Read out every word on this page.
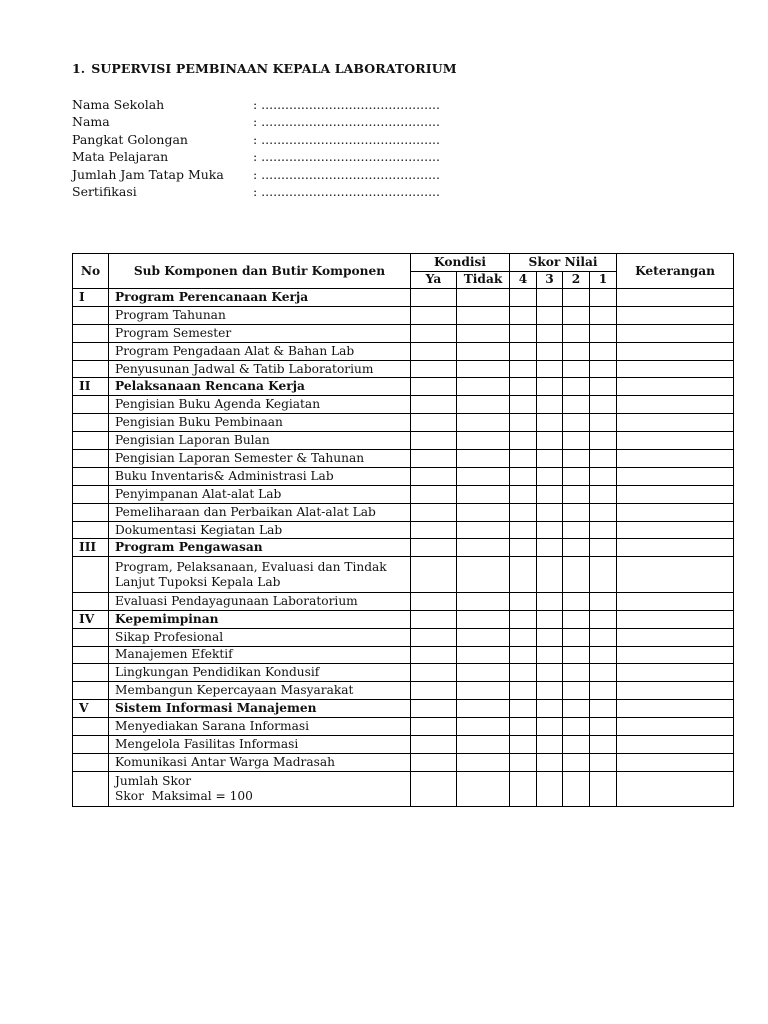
1. SUPERVISI PEMBINAAN KEPALA LABORATORIUM
Nama Sekolah	: .............................................
Nama	: .............................................
Pangkat Golongan	: .............................................
Mata Pelajaran	: .............................................
Jumlah Jam Tatap Muka : .............................................
Sertifikasi	: .............................................
No	Sub Komponen dan Butir Komponen	Kondisi		Skor Nilai				Keterangan
		Ya	Tidak	4	3	2	1	
I	Program Perencanaan Kerja							
	Program Tahunan							
	Program Semester							
	Program Pengadaan Alat & Bahan Lab							
	Penyusunan Jadwal & Tatib Laboratorium							
II	Pelaksanaan Rencana Kerja							
	Pengisian Buku Agenda Kegiatan							
	Pengisian Buku Pembinaan							
	Pengisian Laporan Bulan							
	Pengisian Laporan Semester & Tahunan							
	Buku Inventaris& Administrasi Lab							
	Penyimpanan Alat-alat Lab							
	Pemeliharaan dan Perbaikan Alat-alat Lab							
	Dokumentasi Kegiatan Lab							
III	Program Pengawasan							
	Program, Pelaksanaan, Evaluasi dan Tindak Lanjut Tupoksi Kepala Lab							
	Evaluasi Pendayagunaan Laboratorium							
IV	Kepemimpinan							
	Sikap Profesional							
	Manajemen Efektif							
	Lingkungan Pendidikan Kondusif							
	Membangun Kepercayaan Masyarakat							
V	Sistem Informasi Manajemen							
	Menyediakan Sarana Informasi							
	Mengelola Fasilitas Informasi							
	Komunikasi Antar Warga Madrasah							

	Jumlah Skor
Skor  Maksimal = 100							
